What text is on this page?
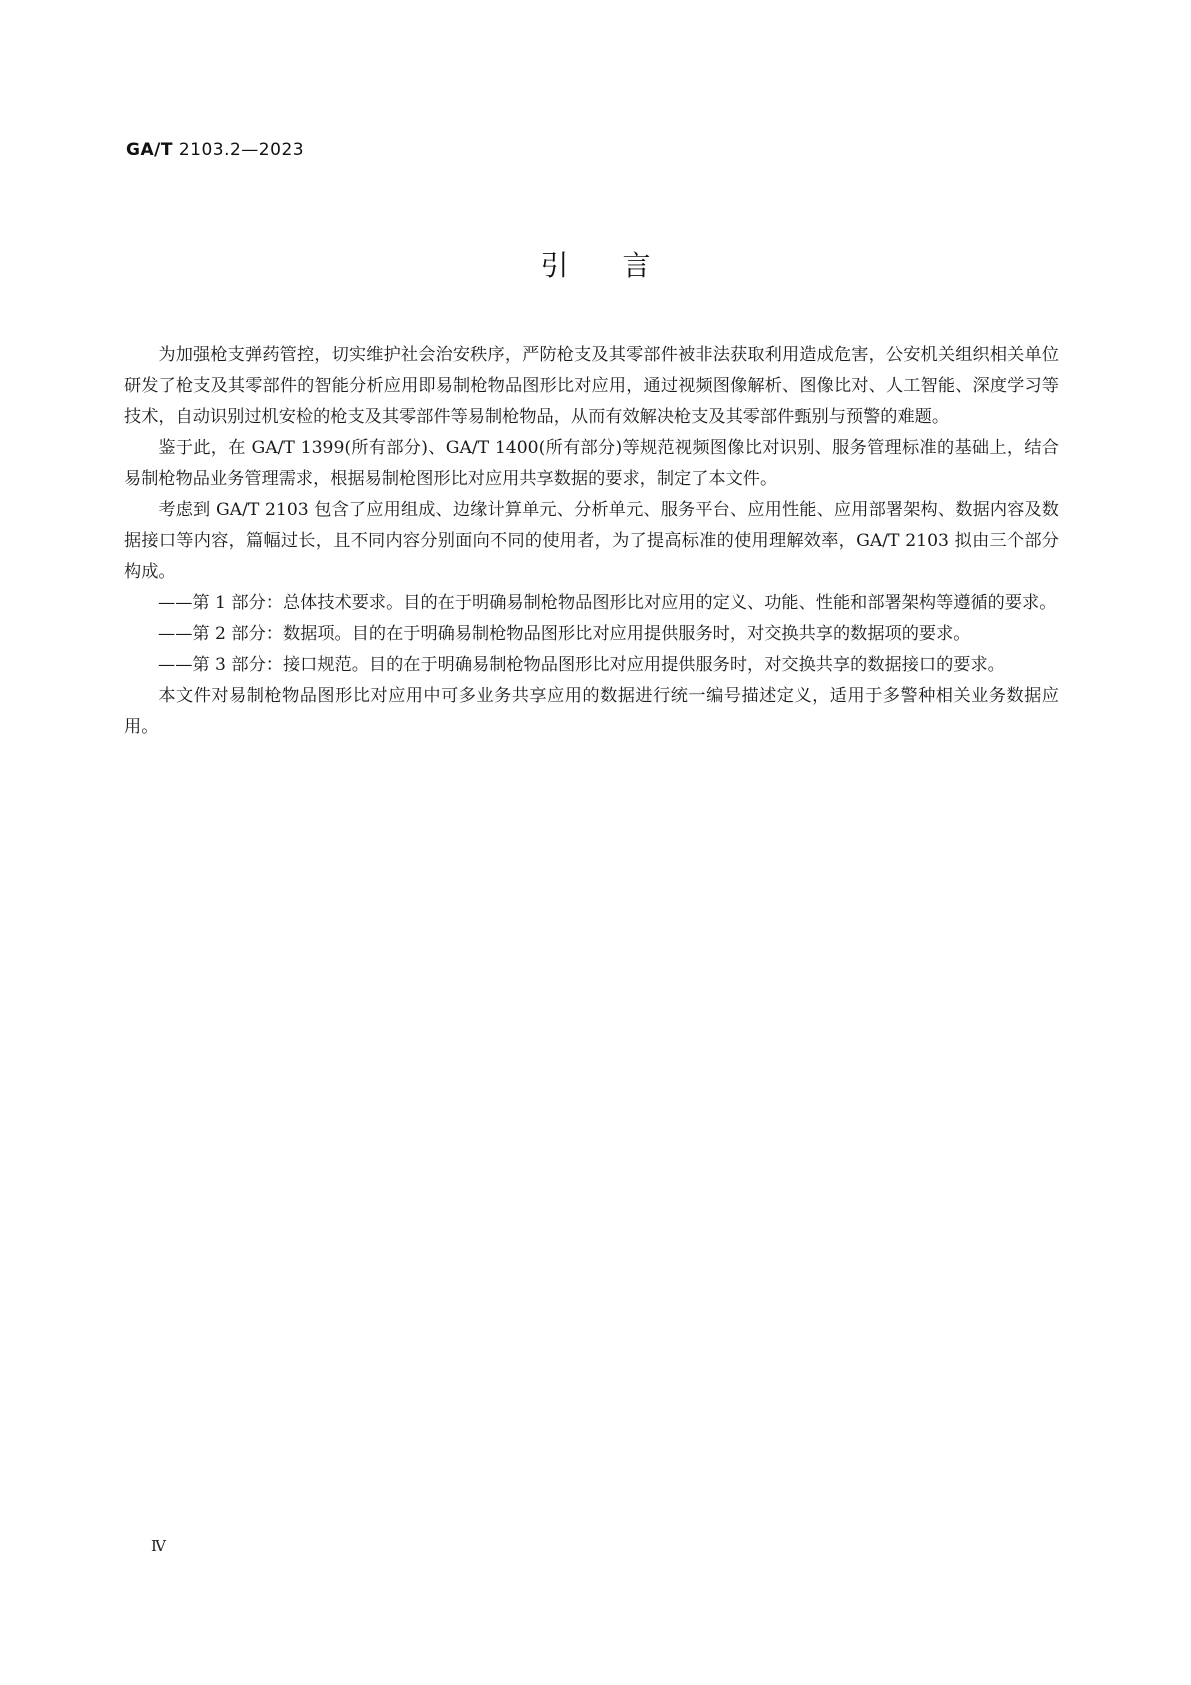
GA/T 2103.2—2023
引言

为加强枪支弹药管控，切实维护社会治安秩序，严防枪支及其零部件被非法获取利用造成危害，公安机关组织相关单位研发了枪支及其零部件的智能分析应用即易制枪物品图形比对应用，通过视频图像解析、图像比对、人工智能、深度学习等技术，自动识别过机安检的枪支及其零部件等易制枪物品，从而有效解决枪支及其零部件甄别与预警的难题。

鉴于此，在 GA/T 1399(所有部分)、GA/T 1400(所有部分)等规范视频图像比对识别、服务管理标准的基础上，结合易制枪物品业务管理需求，根据易制枪图形比对应用共享数据的要求，制定了本文件。

考虑到 GA/T 2103 包含了应用组成、边缘计算单元、分析单元、服务平台、应用性能、应用部署架构、数据内容及数据接口等内容，篇幅过长，且不同内容分别面向不同的使用者，为了提高标准的使用理解效率，GA/T 2103 拟由三个部分构成。

——第 1 部分：总体技术要求。目的在于明确易制枪物品图形比对应用的定义、功能、性能和部署架构等遵循的要求。

——第 2 部分：数据项。目的在于明确易制枪物品图形比对应用提供服务时，对交换共享的数据项的要求。

——第 3 部分：接口规范。目的在于明确易制枪物品图形比对应用提供服务时，对交换共享的数据接口的要求。

本文件对易制枪物品图形比对应用中可多业务共享应用的数据进行统一编号描述定义，适用于多警种相关业务数据应用。

Ⅳ
